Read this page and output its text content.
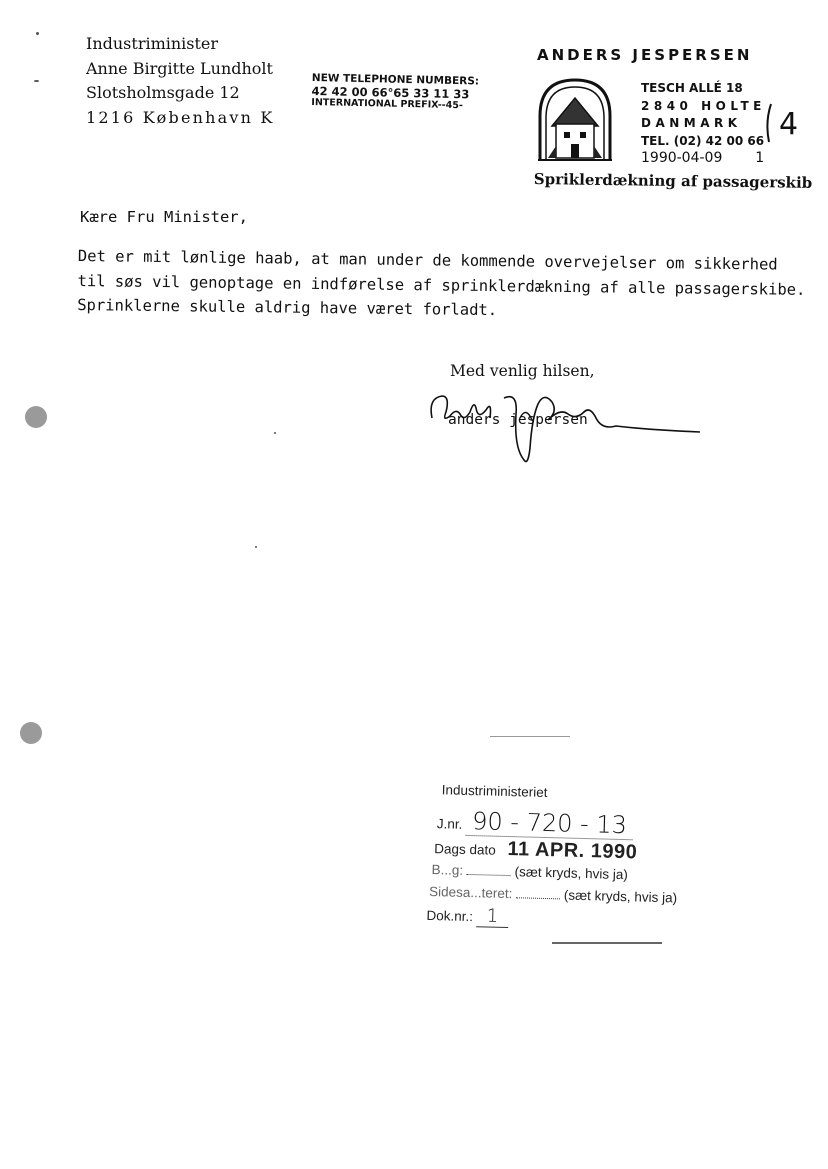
Industriminister
Anne Birgitte Lundholt
Slotsholmsgade 12
1216 København K
NEW TELEPHONE NUMBERS:
42 42 00 66°65 33 11 33
INTERNATIONAL PREFIX--45-
ANDERS JESPERSEN
TESCH ALLÉ 18
2840 HOLTE
DANMARK
TEL. (02) 42 00 66
1990-04-09 1
4
Spriklerdækning af passagerskib
Kære Fru Minister,
Det er mit lønlige haab, at man under de kommende overvejelser om sikkerhed
til søs vil genoptage en indførelse af sprinklerdækning af alle passagerskibe.
Sprinklerne skulle aldrig have været forladt.
Med venlig hilsen,
anders jespersen
Industriministeriet
J.nr. 90 - 720 - 13
Dags dato 11 APR. 1990
B...g:	(sæt kryds, hvis ja)
Sidesa...teret:	(sæt kryds, hvis ja)
Dok.nr.: 1
